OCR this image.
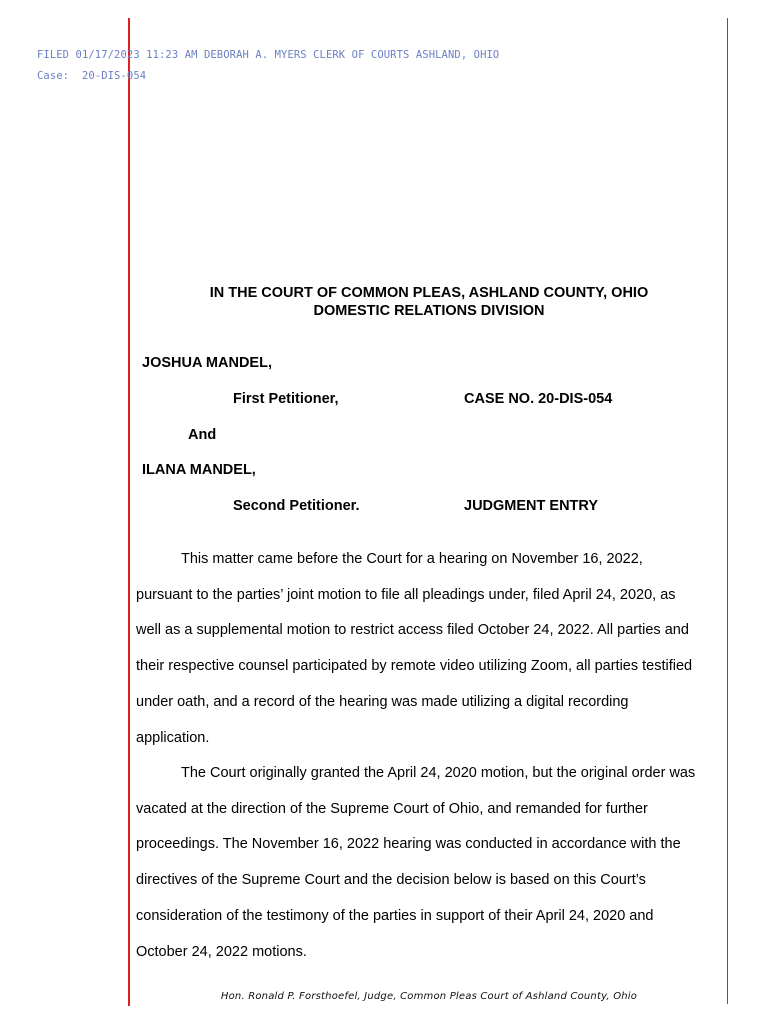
FILED 01/17/2023 11:23 AM DEBORAH A. MYERS CLERK OF COURTS ASHLAND, OHIO
Case:  20-DIS-054
IN THE COURT OF COMMON PLEAS, ASHLAND COUNTY, OHIO
DOMESTIC RELATIONS DIVISION
JOSHUA MANDEL,
First Petitioner,	CASE NO. 20-DIS-054
And
ILANA MANDEL,
Second Petitioner.	JUDGMENT ENTRY
This matter came before the Court for a hearing on November 16, 2022,
pursuant to the parties’ joint motion to file all pleadings under, filed April 24, 2020, as
well as a supplemental motion to restrict access filed October 24, 2022. All parties and
their respective counsel participated by remote video utilizing Zoom, all parties testified
under oath, and a record of the hearing was made utilizing a digital recording
application.
The Court originally granted the April 24, 2020 motion, but the original order was
vacated at the direction of the Supreme Court of Ohio, and remanded for further
proceedings. The November 16, 2022 hearing was conducted in accordance with the
directives of the Supreme Court and the decision below is based on this Court’s
consideration of the testimony of the parties in support of their April 24, 2020 and
October 24, 2022 motions.
Hon. Ronald P. Forsthoefel, Judge, Common Pleas Court of Ashland County, Ohio
